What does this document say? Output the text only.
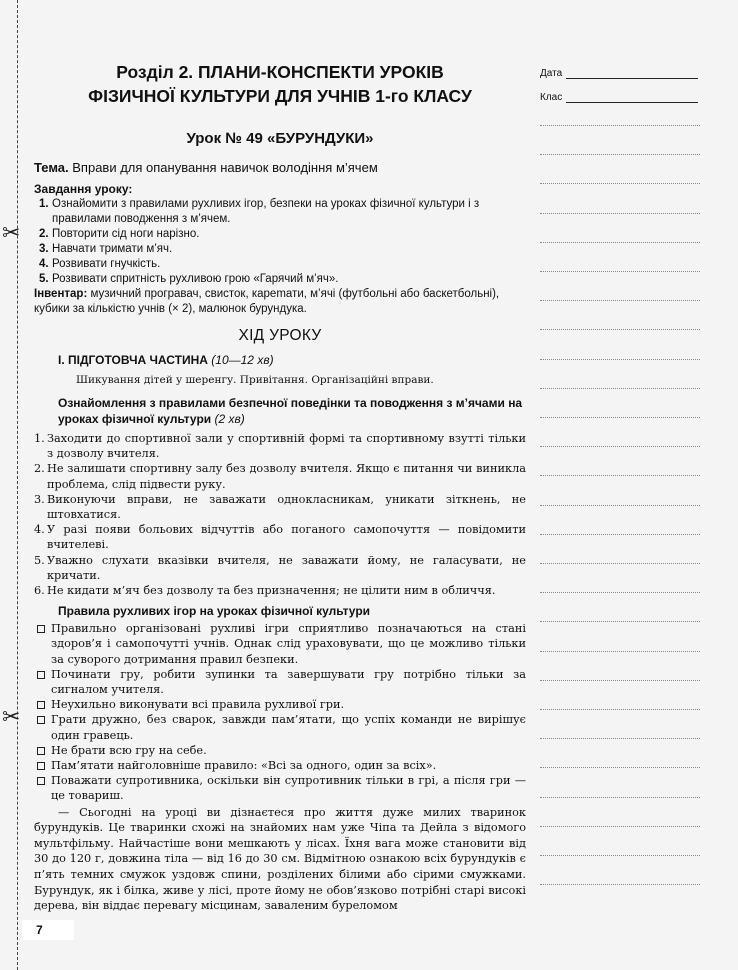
✂
✂
Дата
Клас
Розділ 2. ПЛАНИ-КОНСПЕКТИ УРОКІВ
ФІЗИЧНОЇ КУЛЬТУРИ ДЛЯ УЧНІВ 1-го КЛАСУ
Урок № 49 «БУРУНДУКИ»
Тема. Вправи для опанування навичок володіння м’ячем
Завдання уроку:
1. Ознайомити з правилами рухливих ігор, безпеки на уроках фізичної культури і з правилами поводження з м’ячем.
2. Повторити сід ноги нарізно.
3. Навчати тримати м’яч.
4. Розвивати гнучкість.
5. Розвивати спритність рухливою грою «Гарячий м’яч».
Інвентар: музичний програвач, свисток, карemати, м’ячі (футбольні або баскетбольні), кубики за кількістю учнів (× 2), малюнок бурундука.
ХІД УРОКУ
I. ПІДГОТОВЧА ЧАСТИНА (10—12 хв)
Шикування дітей у шеренгу. Привітання. Організаційні вправи.
Ознайомлення з правилами безпечної поведінки та поводження з м’ячами на уроках фізичної культури (2 хв)
1. Заходити до спортивної зали у спортивній формі та спортивному взутті тільки з дозволу вчителя.
2. Не залишати спортивну залу без дозволу вчителя. Якщо є питання чи виникла проблема, слід підвести руку.
3. Виконуючи вправи, не заважати однокласникам, уникати зіткнень, не штовхатися.
4. У разі появи больових відчуттів або поганого самопочуття — повідомити вчителеві.
5. Уважно слухати вказівки вчителя, не заважати йому, не галасувати, не кричати.
6. Не кидати м’яч без дозволу та без призначення; не цілити ним в обличчя.
Правила рухливих ігор на уроках фізичної культури
Правильно організовані рухливі ігри сприятливо позначаються на стані здоров’я і самопочутті учнів. Однак слід ураховувати, що це можливо тільки за суворого дотримання правил безпеки.
Починати гру, робити зупинки та завершувати гру потрібно тільки за сигналом учителя.
Неухильно виконувати всі правила рухливої гри.
Грати дружно, без сварок, завжди пам’ятати, що успіх команди не вирішує один гравець.
Не брати всю гру на себе.
Пам’ятати найголовніше правило: «Всі за одного, один за всіх».
Поважати супротивника, оскільки він супротивник тільки в грі, а після гри — це товариш.
— Сьогодні на уроці ви дізнаєтеся про життя дуже милих тваринок бурундуків. Це тваринки схожі на знайомих нам уже Чіпа та Дейла з відомого мультфільму. Найчастіше вони мешкають у лісах. Їхня вага може становити від 30 до 120 г, довжина тіла — від 16 до 30 см. Відмітною ознакою всіх бурундуків є п’ять темних смужок уздовж спини, розділених білими або сірими смужками. Бурундук, як і білка, живе у лісі, проте йому не обов’язково потрібні старі високі дерева, він віддає перевагу місцинам, заваленим буреломом
7
